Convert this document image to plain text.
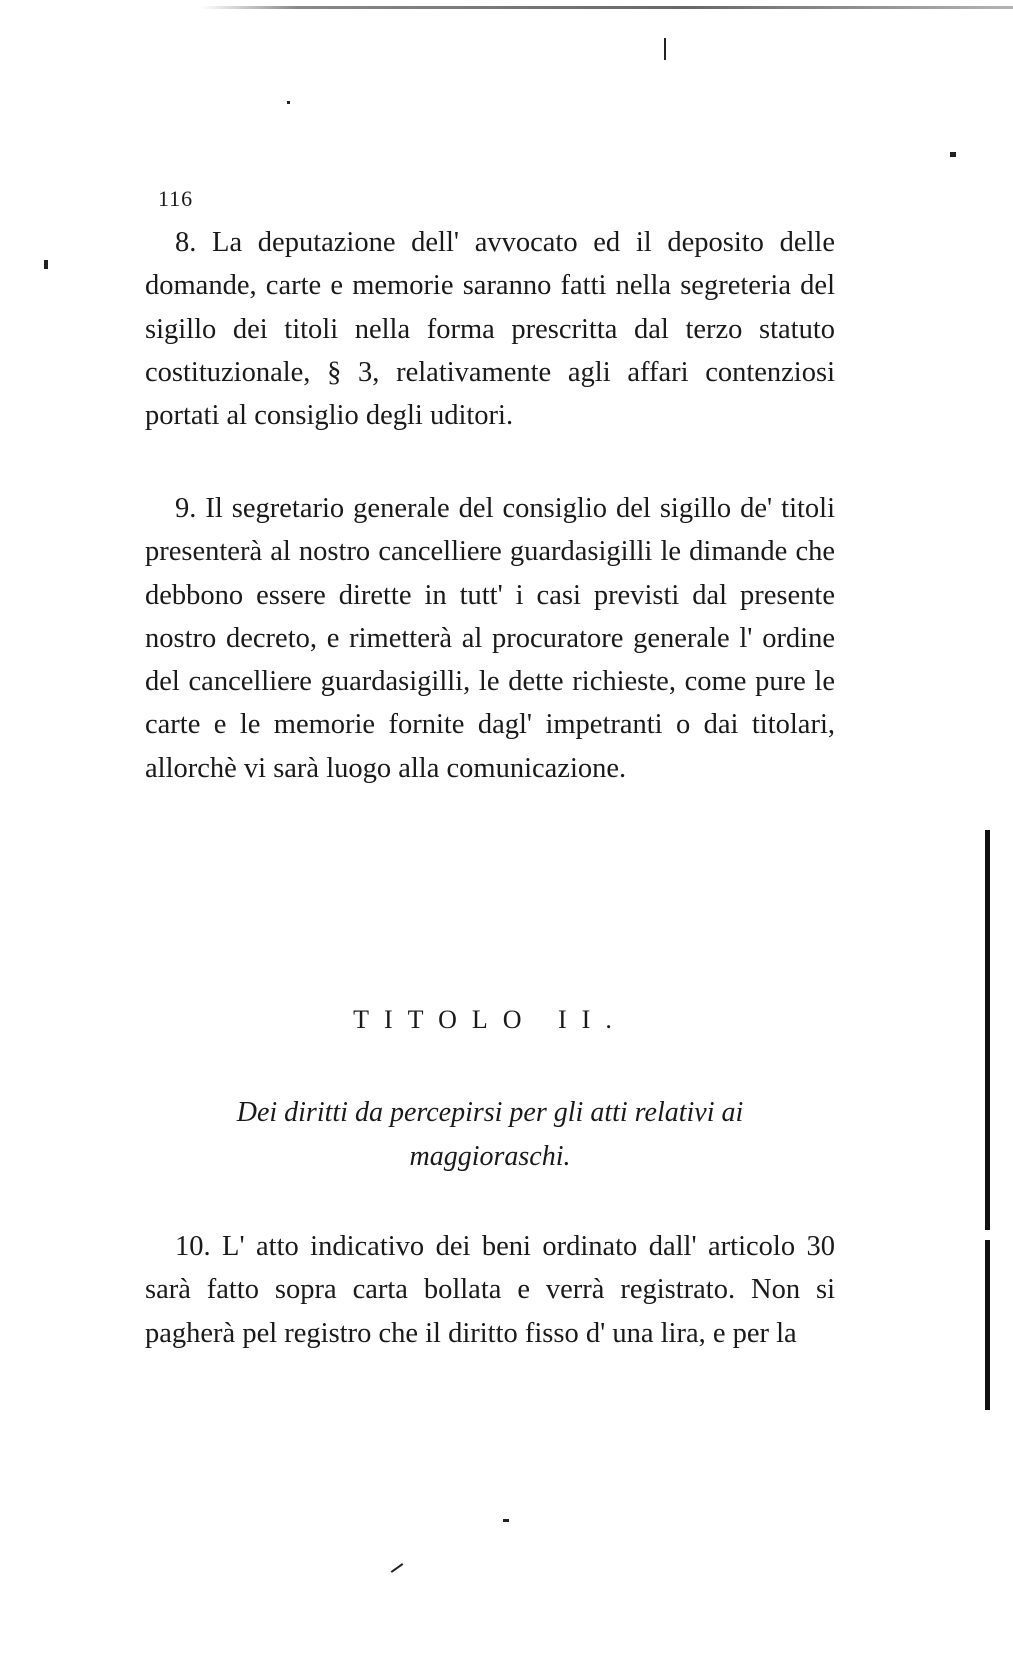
116

8. La deputazione dell' avvocato ed il deposito delle domande, carte e memorie saranno fatti nella segreteria del sigillo dei titoli nella forma prescritta dal terzo statuto costituzionale, § 3, relativamente agli affari contenziosi portati al consiglio degli uditori.

9. Il segretario generale del consiglio del sigillo de' titoli presenterà al nostro cancelliere guardasigilli le dimande che debbono essere dirette in tutt' i casi previsti dal presente nostro decreto, e rimetterà al procuratore generale l' ordine del cancelliere guardasigilli, le dette richieste, come pure le carte e le memorie fornite dagl' impetranti o dai titolari, allorchè vi sarà luogo alla comunicazione.

TITOLO II.
Dei diritti da percepirsi per gli atti relativi ai maggioraschi.

10. L' atto indicativo dei beni ordinato dall' articolo 30 sarà fatto sopra carta bollata e verrà registrato. Non si pagherà pel registro che il diritto fisso d' una lira, e per la
